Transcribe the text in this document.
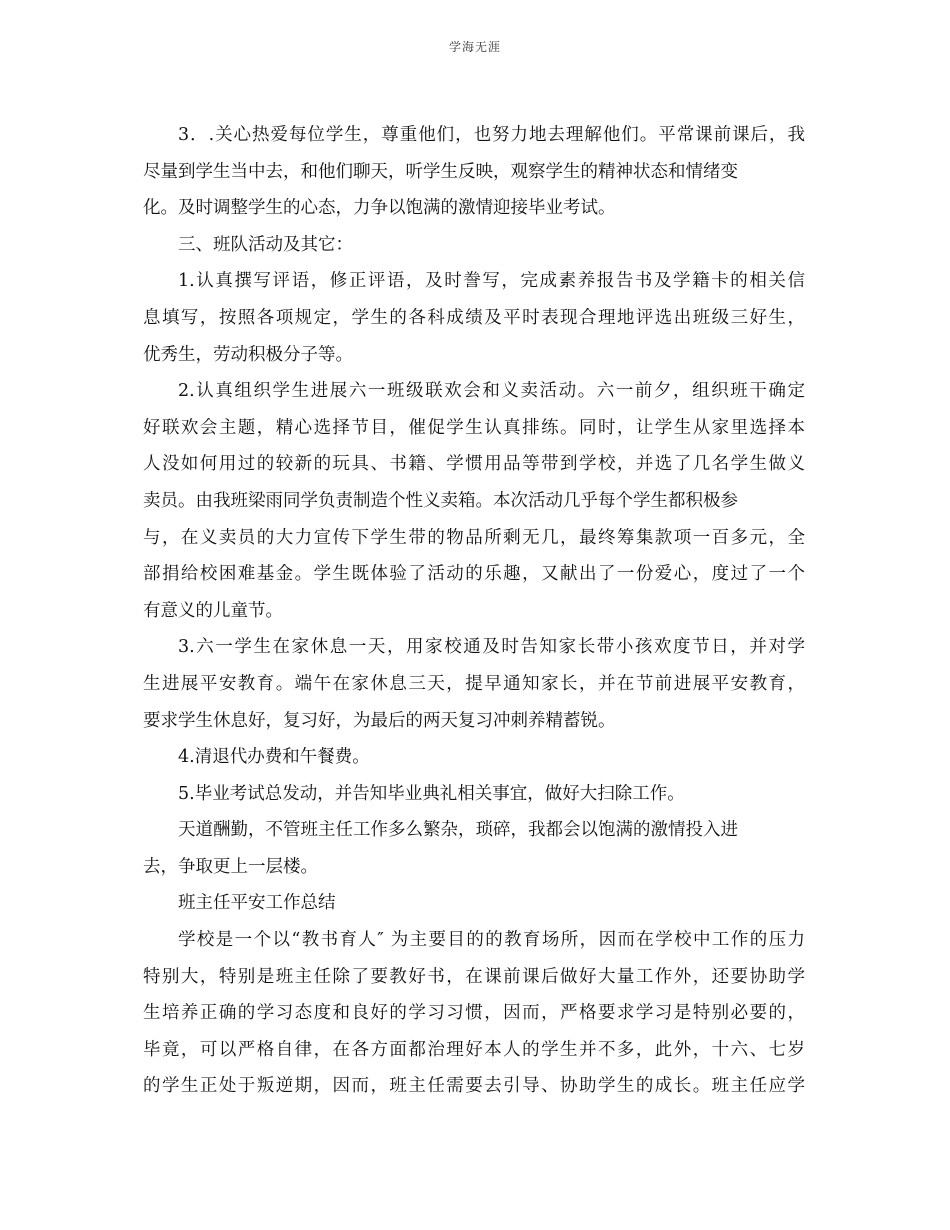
学海无涯
3．.关心热爱每位学生，尊重他们，也努力地去理解他们。平常课前课后，我
尽量到学生当中去，和他们聊天，听学生反映，观察学生的精神状态和情绪变
化。及时调整学生的心态，力争以饱满的激情迎接毕业考试。
三、班队活动及其它：
1.认真撰写评语，修正评语，及时誊写，完成素养报告书及学籍卡的相关信
息填写，按照各项规定，学生的各科成绩及平时表现合理地评选出班级三好生，
优秀生，劳动积极分子等。
2.认真组织学生进展六一班级联欢会和义卖活动。六一前夕，组织班干确定
好联欢会主题，精心选择节目，催促学生认真排练。同时，让学生从家里选择本
人没如何用过的较新的玩具、书籍、学惯用品等带到学校，并选了几名学生做义
卖员。由我班梁雨同学负责制造个性义卖箱。本次活动几乎每个学生都积极参
与，在义卖员的大力宣传下学生带的物品所剩无几，最终筹集款项一百多元，全
部捐给校困难基金。学生既体验了活动的乐趣，又献出了一份爱心，度过了一个
有意义的儿童节。
3.六一学生在家休息一天，用家校通及时告知家长带小孩欢度节日，并对学
生进展平安教育。端午在家休息三天，提早通知家长，并在节前进展平安教育，
要求学生休息好，复习好，为最后的两天复习冲刺养精蓄锐。
4.清退代办费和午餐费。
5.毕业考试总发动，并告知毕业典礼相关事宜，做好大扫除工作。
天道酬勤，不管班主任工作多么繁杂，琐碎，我都会以饱满的激情投入进
去，争取更上一层楼。
班主任平安工作总结
学校是一个以“教书育人″ 为主要目的的教育场所，因而在学校中工作的压力
特别大，特别是班主任除了要教好书，在课前课后做好大量工作外，还要协助学
生培养正确的学习态度和良好的学习习惯，因而，严格要求学习是特别必要的，
毕竟，可以严格自律，在各方面都治理好本人的学生并不多，此外，十六、七岁
的学生正处于叛逆期，因而，班主任需要去引导、协助学生的成长。班主任应学
